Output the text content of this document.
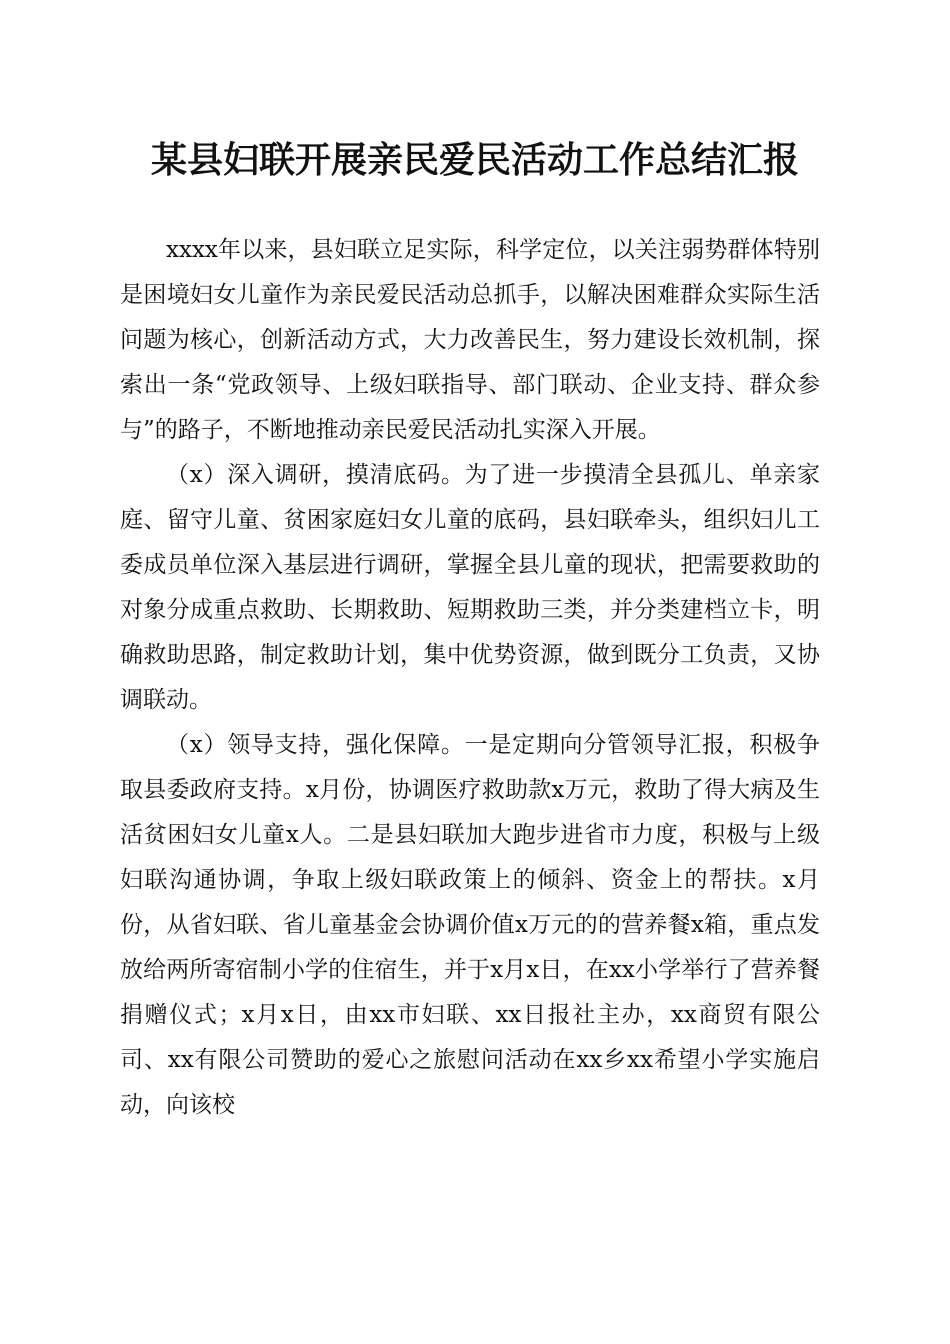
某县妇联开展亲民爱民活动工作总结汇报

xxxx年以来，县妇联立足实际，科学定位，以关注弱势群体特别是困境妇女儿童作为亲民爱民活动总抓手，以解决困难群众实际生活问题为核心，创新活动方式，大力改善民生，努力建设长效机制，探索出一条“党政领导、上级妇联指导、部门联动、企业支持、群众参与”的路子，不断地推动亲民爱民活动扎实深入开展。

（x）深入调研，摸清底码。为了进一步摸清全县孤儿、单亲家庭、留守儿童、贫困家庭妇女儿童的底码，县妇联牵头，组织妇儿工委成员单位深入基层进行调研，掌握全县儿童的现状，把需要救助的对象分成重点救助、长期救助、短期救助三类，并分类建档立卡，明确救助思路，制定救助计划，集中优势资源，做到既分工负责，又协调联动。

（x）领导支持，强化保障。一是定期向分管领导汇报，积极争取县委政府支持。x月份，协调医疗救助款x万元，救助了得大病及生活贫困妇女儿童x人。二是县妇联加大跑步进省市力度，积极与上级妇联沟通协调，争取上级妇联政策上的倾斜、资金上的帮扶。x月份，从省妇联、省儿童基金会协调价值x万元的的营养餐x箱，重点发放给两所寄宿制小学的住宿生，并于x月x日，在xx小学举行了营养餐捐赠仪式；x月x日，由xx市妇联、xx日报社主办，xx商贸有限公司、xx有限公司赞助的爱心之旅慰问活动在xx乡xx希望小学实施启动，向该校
